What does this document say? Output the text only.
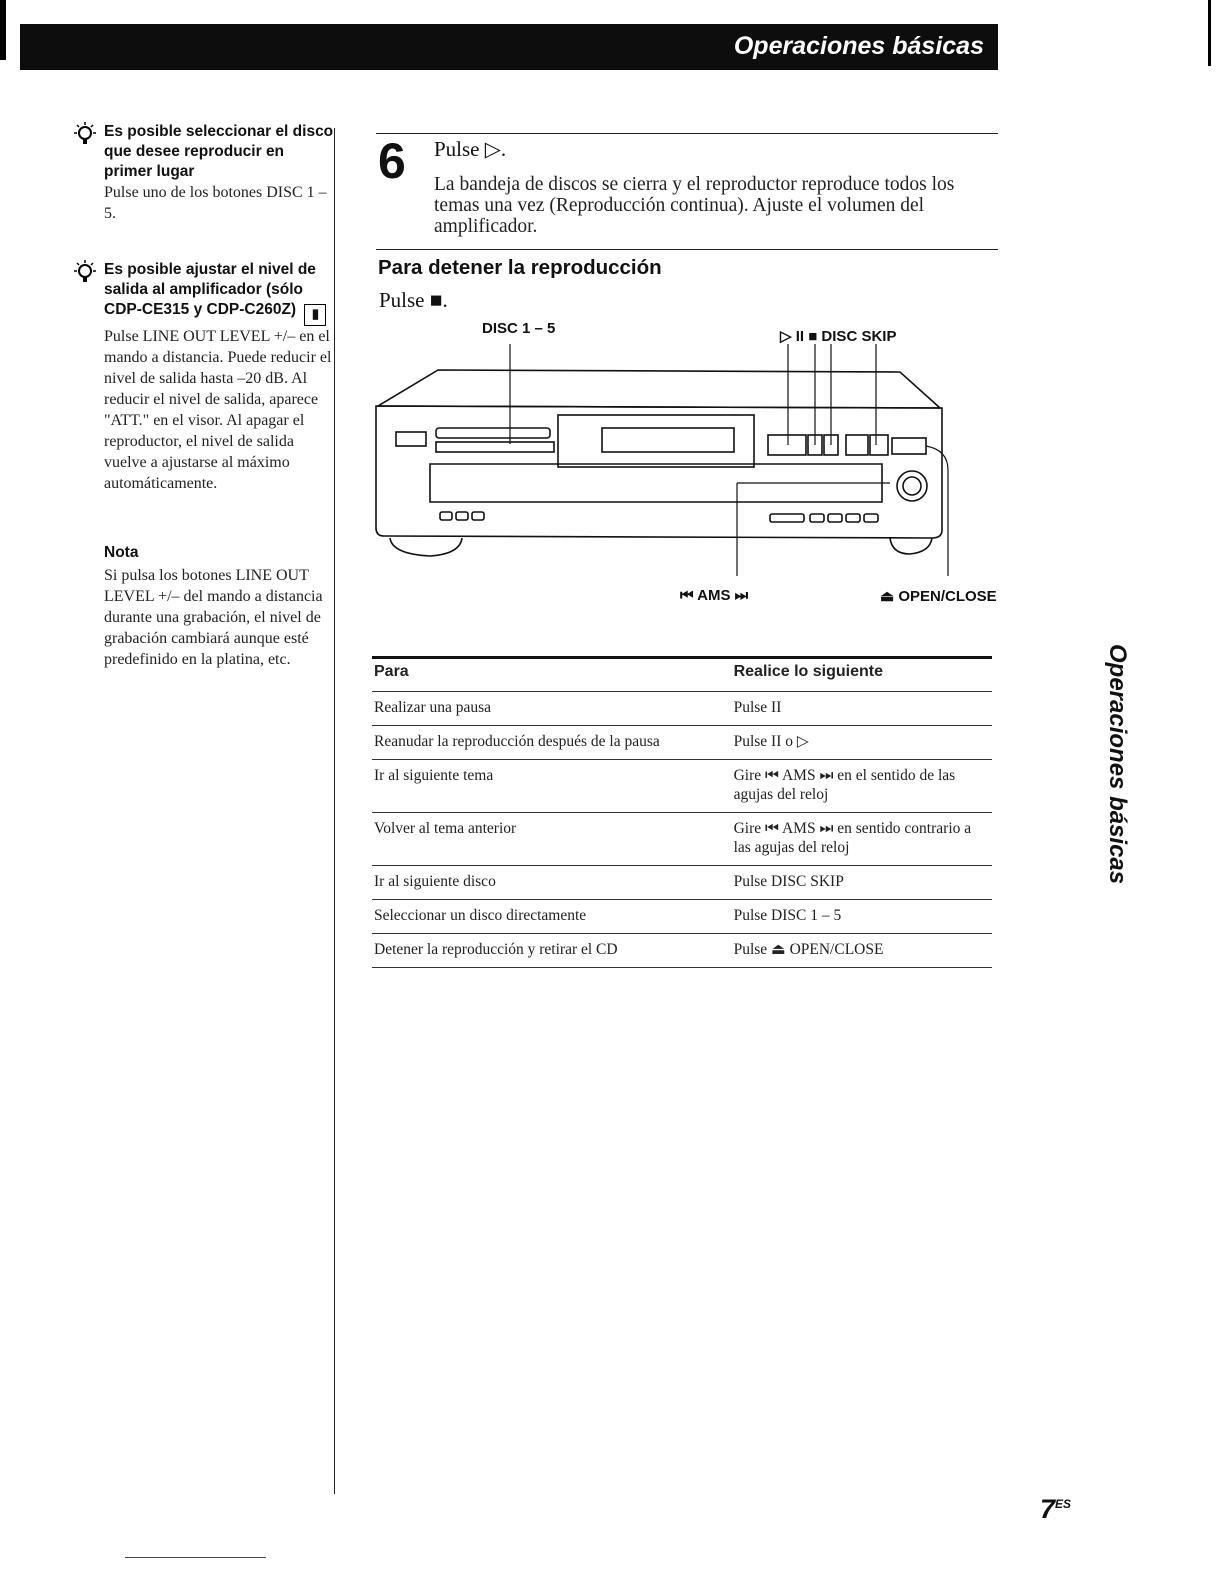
Operaciones básicas
Es posible seleccionar el disco que desee reproducir en primer lugar
Pulse uno de los botones DISC 1 – 5.
Es posible ajustar el nivel de salida al amplificador (sólo CDP-CE315 y CDP-C260Z) ▮
Pulse LINE OUT LEVEL +/– en el mando a distancia. Puede reducir el nivel de salida hasta –20 dB. Al reducir el nivel de salida, aparece "ATT." en el visor. Al apagar el reproductor, el nivel de salida vuelve a ajustarse al máximo automáticamente.
Nota
Si pulsa los botones LINE OUT LEVEL +/– del mando a distancia durante una grabación, el nivel de grabación cambiará aunque esté predefinido en la platina, etc.
6 Pulse ▷.
La bandeja de discos se cierra y el reproductor reproduce todos los temas una vez (Reproducción continua). Ajuste el volumen del amplificador.
Para detener la reproducción
Pulse ■.
DISC 1 – 5	▷ II ■ DISC SKIP
⏮ AMS ⏭	⏏ OPEN/CLOSE
Para	Realice lo siguiente
Realizar una pausa	Pulse II
Reanudar la reproducción después de la pausa	Pulse II o ▷
Ir al siguiente tema	Gire ⏮ AMS ⏭ en el sentido de las agujas del reloj
Volver al tema anterior	Gire ⏮ AMS ⏭ en sentido contrario a las agujas del reloj
Ir al siguiente disco	Pulse DISC SKIP
Seleccionar un disco directamente	Pulse DISC 1 – 5
Detener la reproducción y retirar el CD	Pulse ⏏ OPEN/CLOSE
Operaciones básicas
$7^{ES}$
